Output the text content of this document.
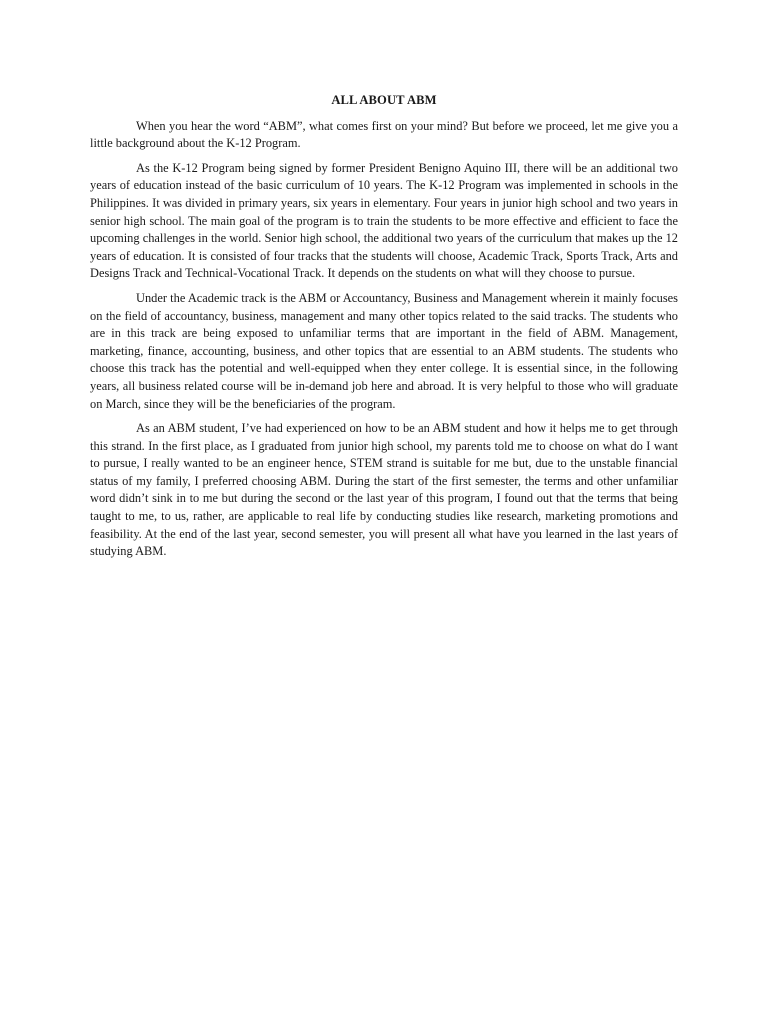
ALL ABOUT ABM

When you hear the word “ABM”, what comes first on your mind? But before we proceed, let me give you a little background about the K-12 Program.

As the K-12 Program being signed by former President Benigno Aquino III, there will be an additional two years of education instead of the basic curriculum of 10 years. The K-12 Program was implemented in schools in the Philippines. It was divided in primary years, six years in elementary. Four years in junior high school and two years in senior high school. The main goal of the program is to train the students to be more effective and efficient to face the upcoming challenges in the world. Senior high school, the additional two years of the curriculum that makes up the 12 years of education. It is consisted of four tracks that the students will choose, Academic Track, Sports Track, Arts and Designs Track and Technical-Vocational Track. It depends on the students on what will they choose to pursue.

Under the Academic track is the ABM or Accountancy, Business and Management wherein it mainly focuses on the field of accountancy, business, management and many other topics related to the said tracks. The students who are in this track are being exposed to unfamiliar terms that are important in the field of ABM. Management, marketing, finance, accounting, business, and other topics that are essential to an ABM students. The students who choose this track has the potential and well-equipped when they enter college. It is essential since, in the following years, all business related course will be in-demand job here and abroad. It is very helpful to those who will graduate on March, since they will be the beneficiaries of the program.

As an ABM student, I’ve had experienced on how to be an ABM student and how it helps me to get through this strand. In the first place, as I graduated from junior high school, my parents told me to choose on what do I want to pursue, I really wanted to be an engineer hence, STEM strand is suitable for me but, due to the unstable financial status of my family, I preferred choosing ABM. During the start of the first semester, the terms and other unfamiliar word didn’t sink in to me but during the second or the last year of this program, I found out that the terms that being taught to me, to us, rather, are applicable to real life by conducting studies like research, marketing promotions and feasibility. At the end of the last year, second semester, you will present all what have you learned in the last years of studying ABM.
